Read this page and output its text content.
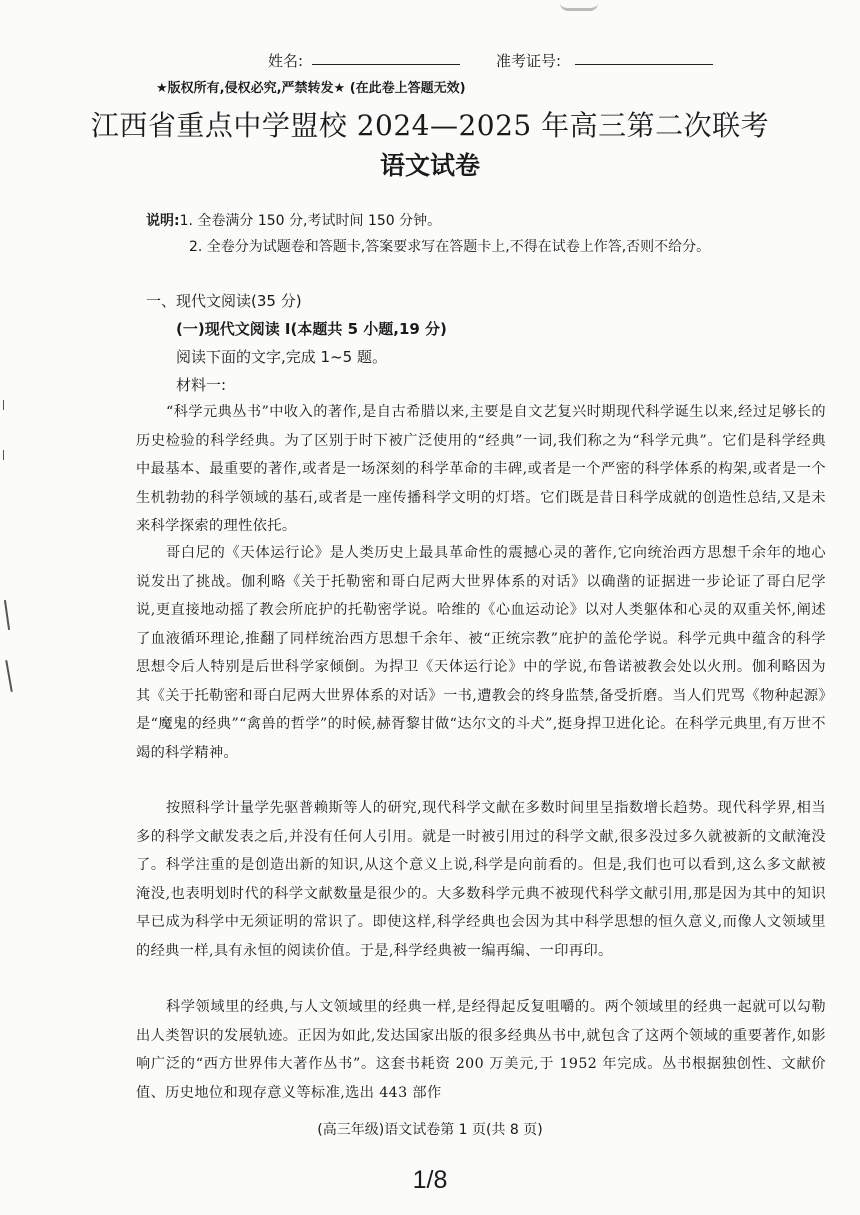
姓名:	准考证号:
★版权所有,侵权必究,严禁转发★ (在此卷上答题无效)
江西省重点中学盟校 2024—2025 年高三第二次联考
语文试卷
说明:1. 全卷满分 150 分,考试时间 150 分钟。
2. 全卷分为试题卷和答题卡,答案要求写在答题卡上,不得在试卷上作答,否则不给分。
一、现代文阅读(35 分)
(一)现代文阅读 I(本题共 5 小题,19 分)
阅读下面的文字,完成 1~5 题。
材料一:
“科学元典丛书”中收入的著作,是自古希腊以来,主要是自文艺复兴时期现代科学诞生以来,经过足够长的历史检验的科学经典。为了区别于时下被广泛使用的“经典”一词,我们称之为“科学元典”。它们是科学经典中最基本、最重要的著作,或者是一场深刻的科学革命的丰碑,或者是一个严密的科学体系的构架,或者是一个生机勃勃的科学领域的基石,或者是一座传播科学文明的灯塔。它们既是昔日科学成就的创造性总结,又是未来科学探索的理性依托。
哥白尼的《天体运行论》是人类历史上最具革命性的震撼心灵的著作,它向统治西方思想千余年的地心说发出了挑战。伽利略《关于托勒密和哥白尼两大世界体系的对话》以确凿的证据进一步论证了哥白尼学说,更直接地动摇了教会所庇护的托勒密学说。哈维的《心血运动论》以对人类躯体和心灵的双重关怀,阐述了血液循环理论,推翻了同样统治西方思想千余年、被“正统宗教”庇护的盖伦学说。科学元典中蕴含的科学思想令后人特别是后世科学家倾倒。为捍卫《天体运行论》中的学说,布鲁诺被教会处以火刑。伽利略因为其《关于托勒密和哥白尼两大世界体系的对话》一书,遭教会的终身监禁,备受折磨。当人们咒骂《物种起源》是“魔鬼的经典”“禽兽的哲学”的时候,赫胥黎甘做“达尔文的斗犬”,挺身捍卫进化论。在科学元典里,有万世不竭的科学精神。
按照科学计量学先驱普赖斯等人的研究,现代科学文献在多数时间里呈指数增长趋势。现代科学界,相当多的科学文献发表之后,并没有任何人引用。就是一时被引用过的科学文献,很多没过多久就被新的文献淹没了。科学注重的是创造出新的知识,从这个意义上说,科学是向前看的。但是,我们也可以看到,这么多文献被淹没,也表明划时代的科学文献数量是很少的。大多数科学元典不被现代科学文献引用,那是因为其中的知识早已成为科学中无须证明的常识了。即使这样,科学经典也会因为其中科学思想的恒久意义,而像人文领域里的经典一样,具有永恒的阅读价值。于是,科学经典被一编再编、一印再印。
科学领域里的经典,与人文领域里的经典一样,是经得起反复咀嚼的。两个领域里的经典一起就可以勾勒出人类智识的发展轨迹。正因为如此,发达国家出版的很多经典丛书中,就包含了这两个领域的重要著作,如影响广泛的“西方世界伟大著作丛书”。这套书耗资 200 万美元,于 1952 年完成。丛书根据独创性、文献价值、历史地位和现存意义等标准,选出 443 部作
(高三年级)语文试卷第 1 页(共 8 页)
1/8
